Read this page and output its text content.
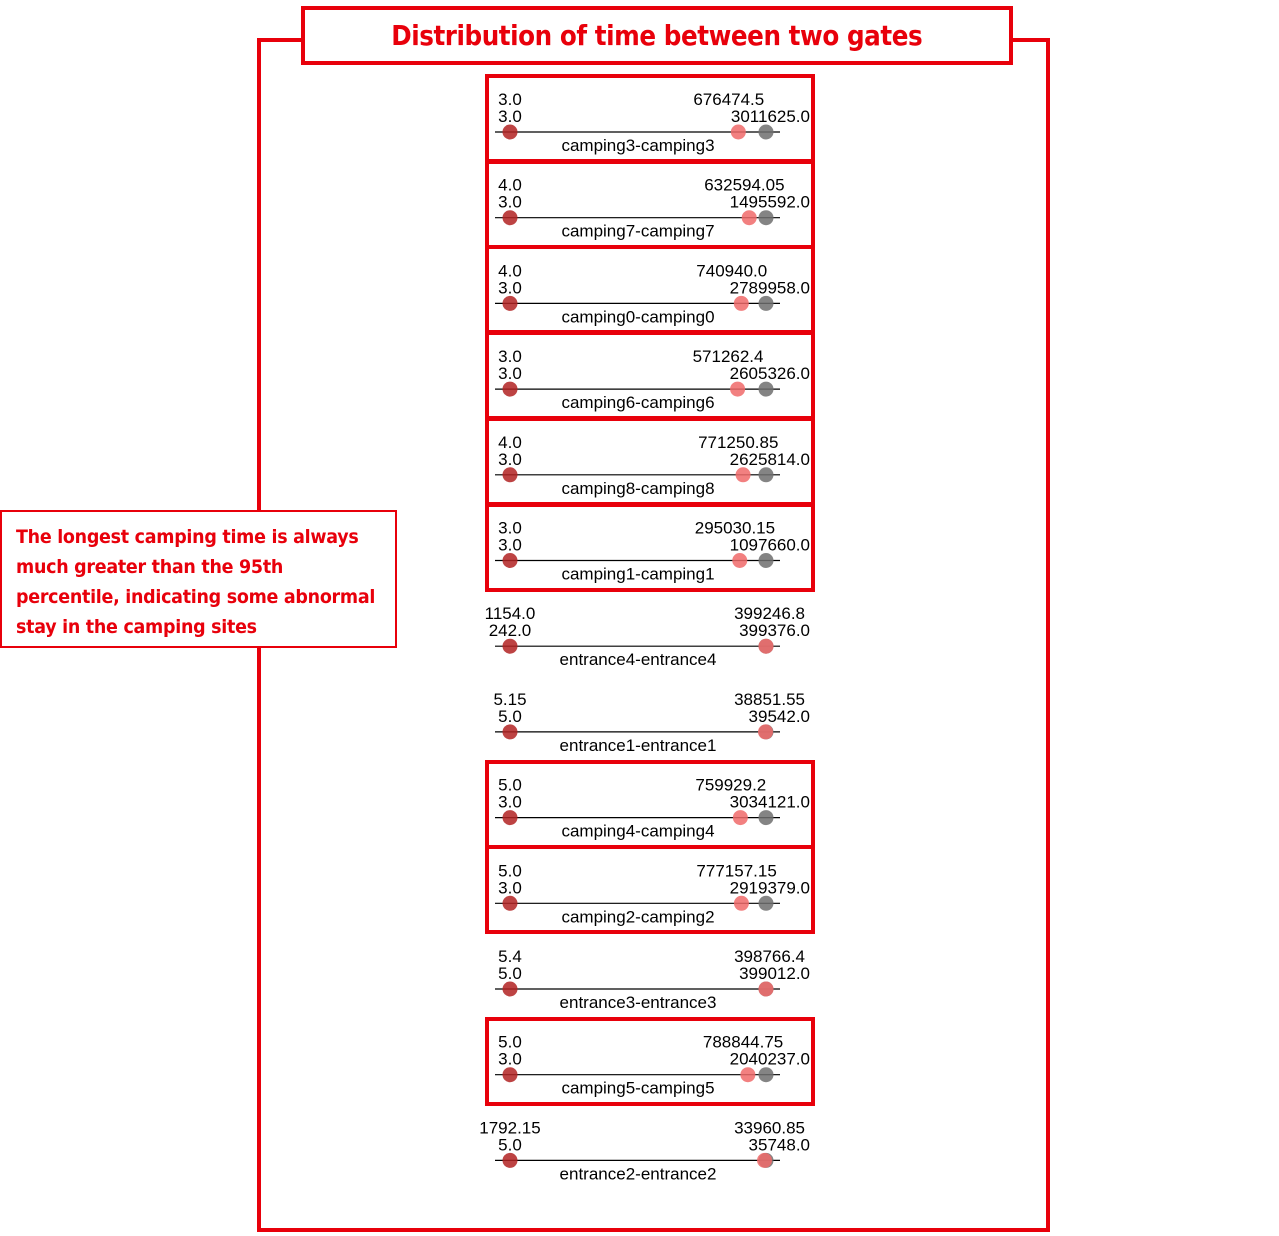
Distribution of time between two gates
The longest camping time is always much greater than the 95th percentile, indicating some abnormal stay in the camping sites
3.0
3.0	3011625.0
676474.5
camping3-camping3
4.0
3.0	1495592.0
632594.05
camping7-camping7
4.0
3.0	2789958.0
740940.0
camping0-camping0
3.0
3.0	2605326.0
571262.4
camping6-camping6
4.0
3.0	2625814.0
771250.85
camping8-camping8
3.0
3.0	1097660.0
295030.15
camping1-camping1
1154.0
242.0	399376.0
399246.8
entrance4-entrance4
5.15
5.0	39542.0
38851.55
entrance1-entrance1
5.0
3.0	3034121.0
759929.2
camping4-camping4
5.0
3.0	2919379.0
777157.15
camping2-camping2
5.4
5.0	399012.0
398766.4
entrance3-entrance3
5.0
3.0	2040237.0
788844.75
camping5-camping5
1792.15
5.0	35748.0
33960.85
entrance2-entrance2
